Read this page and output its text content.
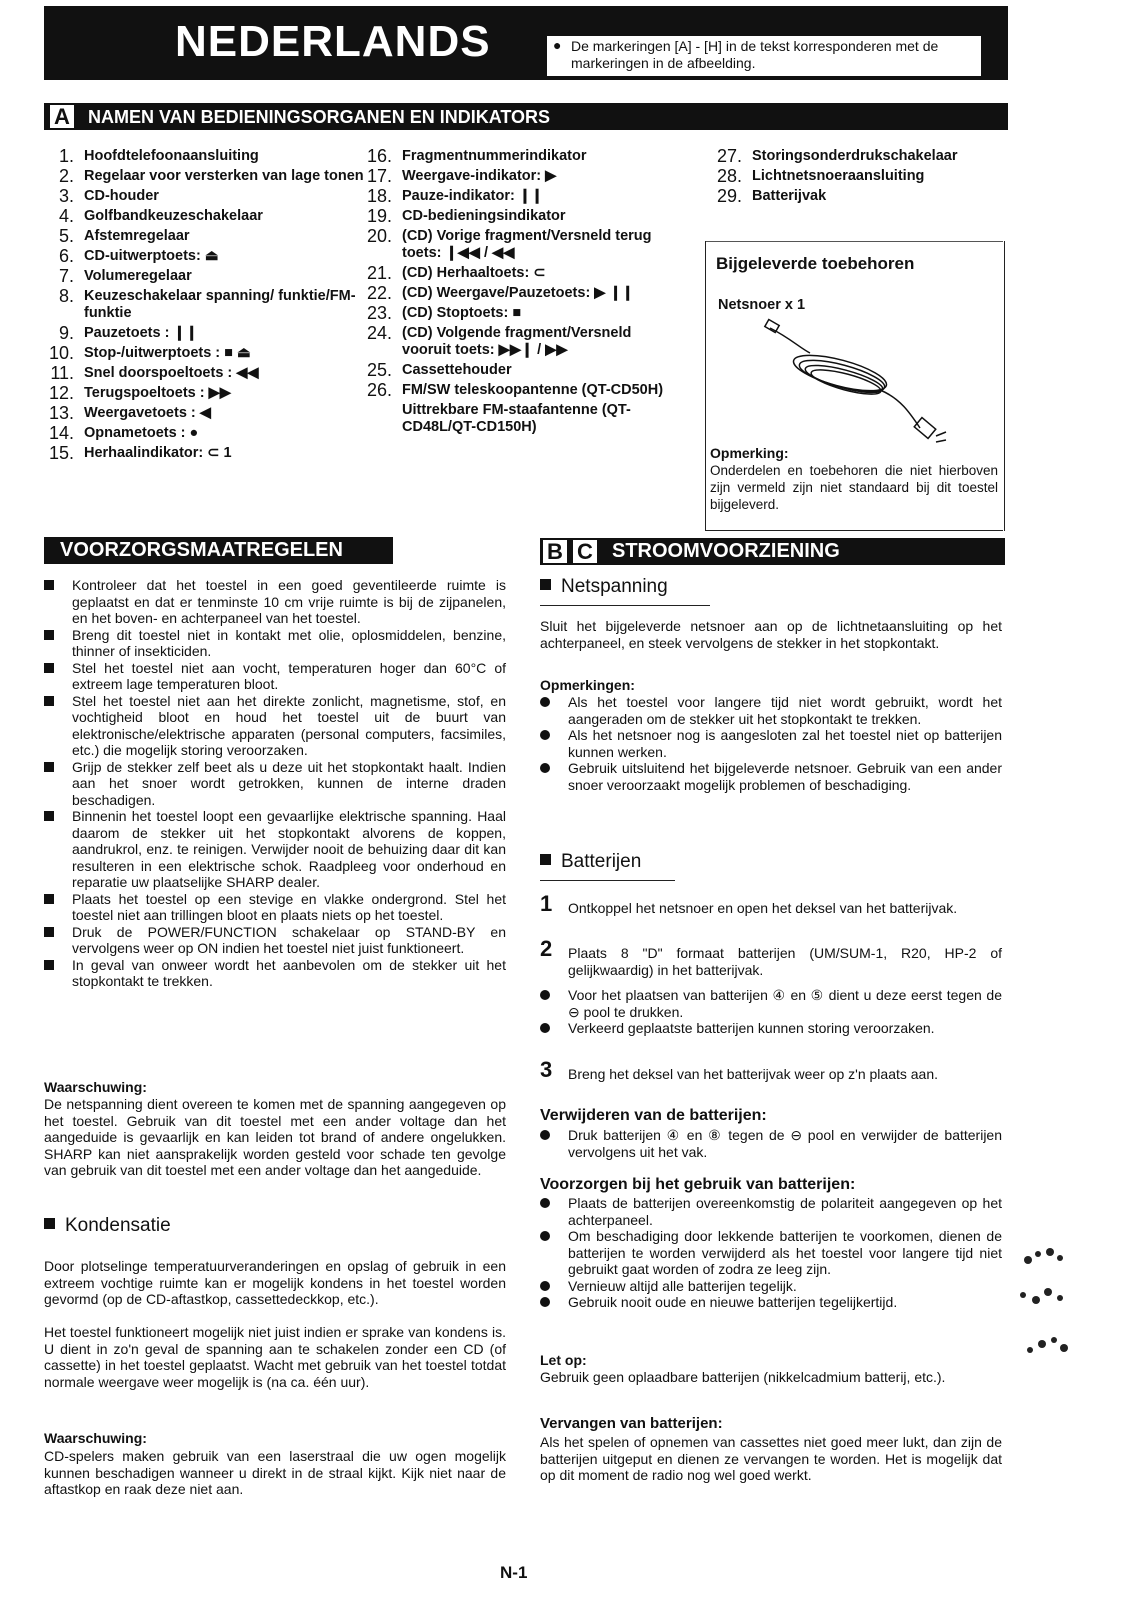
NEDERLANDS	● De markeringen [A] - [H] in de tekst korresponderen met de markeringen in de afbeelding.
A NAMEN VAN BEDIENINGSORGANEN EN INDIKATORS
1. Hoofdtelefoonaansluiting
2. Regelaar voor versterken van lage tonen
3. CD-houder
4. Golfbandkeuzeschakelaar
5. Afstemregelaar
6. CD-uitwerptoets: ⏏
7. Volumeregelaar
8. Keuzeschakelaar spanning/ funktie/FM-funktie
9. Pauzetoets : ❙❙
10. Stop-/uitwerptoets : ■ ⏏
11. Snel doorspoeltoets : ◀◀
12. Terugspoeltoets : ▶▶
13. Weergavetoets : ◀
14. Opnametoets : ●
15. Herhaalindikator: ⊂ 1
16. Fragmentnummerindikator
17. Weergave-indikator: ▶
18. Pauze-indikator: ❙❙
19. CD-bedieningsindikator
20. (CD) Vorige fragment/Versneld terug toets: ❙◀◀ / ◀◀
21. (CD) Herhaaltoets: ⊂
22. (CD) Weergave/Pauzetoets: ▶ ❙❙
23. (CD) Stoptoets: ■
24. (CD) Volgende fragment/Versneld vooruit toets: ▶▶❙ / ▶▶
25. Cassettehouder
26. FM/SW teleskoopantenne (QT-CD50H)
Uittrekbare FM-staafantenne (QT-CD48L/QT-CD150H)
27. Storingsonderdrukschakelaar
28. Lichtnetsnoeraansluiting
29. Batterijvak
Bijgeleverde toebehoren
Netsnoer x 1
Opmerking:
Onderdelen en toebehoren die niet hierboven zijn vermeld zijn niet standaard bij dit toestel bijgeleverd.
VOORZORGSMAATREGELEN
Kontroleer dat het toestel in een goed geventileerde ruimte is geplaatst en dat er tenminste 10 cm vrije ruimte is bij de zijpanelen, en het boven- en achterpaneel van het toestel.
Breng dit toestel niet in kontakt met olie, oplosmiddelen, benzine, thinner of insekticiden.
Stel het toestel niet aan vocht, temperaturen hoger dan 60°C of extreem lage temperaturen bloot.
Stel het toestel niet aan het direkte zonlicht, magnetisme, stof, en vochtigheid bloot en houd het toestel uit de buurt van elektronische/elektrische apparaten (personal computers, facsimiles, etc.) die mogelijk storing veroorzaken.
Grijp de stekker zelf beet als u deze uit het stopkontakt haalt. Indien aan het snoer wordt getrokken, kunnen de interne draden beschadigen.
Binnenin het toestel loopt een gevaarlijke elektrische spanning. Haal daarom de stekker uit het stopkontakt alvorens de koppen, aandrukrol, enz. te reinigen. Verwijder nooit de behuizing daar dit kan resulteren in een elektrische schok. Raadpleeg voor onderhoud en reparatie uw plaatselijke SHARP dealer.
Plaats het toestel op een stevige en vlakke ondergrond. Stel het toestel niet aan trillingen bloot en plaats niets op het toestel.
Druk de POWER/FUNCTION schakelaar op STAND-BY en vervolgens weer op ON indien het toestel niet juist funktioneert.
In geval van onweer wordt het aanbevolen om de stekker uit het stopkontakt te trekken.
Waarschuwing:
De netspanning dient overeen te komen met de spanning aangegeven op het toestel. Gebruik van dit toestel met een ander voltage dan het aangeduide is gevaarlijk en kan leiden tot brand of andere ongelukken. SHARP kan niet aansprakelijk worden gesteld voor schade ten gevolge van gebruik van dit toestel met een ander voltage dan het aangeduide.
Kondensatie
Door plotselinge temperatuurveranderingen en opslag of gebruik in een extreem vochtige ruimte kan er mogelijk kondens in het toestel worden gevormd (op de CD-aftastkop, cassettedeckkop, etc.).
Het toestel funktioneert mogelijk niet juist indien er sprake van kondens is. U dient in zo'n geval de spanning aan te schakelen zonder een CD (of cassette) in het toestel geplaatst. Wacht met gebruik van het toestel totdat normale weergave weer mogelijk is (na ca. één uur).
Waarschuwing:
CD-spelers maken gebruik van een laserstraal die uw ogen mogelijk kunnen beschadigen wanneer u direkt in de straal kijkt. Kijk niet naar de aftastkop en raak deze niet aan.
B C STROOMVOORZIENING
Netspanning
Sluit het bijgeleverde netsnoer aan op de lichtnetaansluiting op het achterpaneel, en steek vervolgens de stekker in het stopkontakt.
Opmerkingen:
Als het toestel voor langere tijd niet wordt gebruikt, wordt het aangeraden om de stekker uit het stopkontakt te trekken.
Als het netsnoer nog is aangesloten zal het toestel niet op batterijen kunnen werken.
Gebruik uitsluitend het bijgeleverde netsnoer. Gebruik van een ander snoer veroorzaakt mogelijk problemen of beschadiging.
Batterijen
1 Ontkoppel het netsnoer en open het deksel van het batterijvak.
2 Plaats 8 "D" formaat batterijen (UM/SUM-1, R20, HP-2 of gelijkwaardig) in het batterijvak.
Voor het plaatsen van batterijen ④ en ⑤ dient u deze eerst tegen de ⊖ pool te drukken.
Verkeerd geplaatste batterijen kunnen storing veroorzaken.
3 Breng het deksel van het batterijvak weer op z'n plaats aan.
Verwijderen van de batterijen:
Druk batterijen ④ en ⑧ tegen de ⊖ pool en verwijder de batterijen vervolgens uit het vak.
Voorzorgen bij het gebruik van batterijen:
Plaats de batterijen overeenkomstig de polariteit aangegeven op het achterpaneel.
Om beschadiging door lekkende batterijen te voorkomen, dienen de batterijen te worden verwijderd als het toestel voor langere tijd niet gebruikt gaat worden of zodra ze leeg zijn.
Vernieuw altijd alle batterijen tegelijk.
Gebruik nooit oude en nieuwe batterijen tegelijkertijd.
Let op:
Gebruik geen oplaadbare batterijen (nikkelcadmium batterij, etc.).
Vervangen van batterijen:
Als het spelen of opnemen van cassettes niet goed meer lukt, dan zijn de batterijen uitgeput en dienen ze vervangen te worden. Het is mogelijk dat op dit moment de radio nog wel goed werkt.
N-1
